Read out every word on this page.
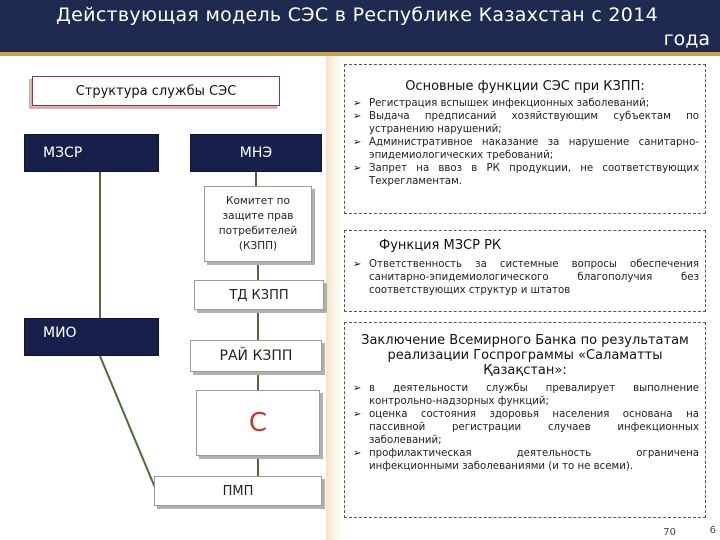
Действующая модель СЭС в Республике Казахстан с 2014
года
Структура службы СЭС
МЗСР	МНЭ
Комитет по защите прав потребителей (КЗПП)
ТД КЗПП
МИО
РАЙ КЗПП
С
ПМП
Основные функции СЭС при КЗПП:
➢ Регистрация вспышек инфекционных заболеваний;
➢ Выдача предписаний хозяйствующим субъектам по устранению нарушений;
➢ Административное наказание за нарушение санитарно-эпидемиологических требований;
➢ Запрет на ввоз в РК продукции, не соответствующих Техрегламентам.
Функция МЗСР РК
➢ Ответственность за системные вопросы обеспечения санитарно-эпидемиологического благополучия без соответствующих структур и штатов
Заключение Всемирного Банка по результатам реализации Госпрограммы «Саламатты Қазақстан»:
➢ в деятельности службы превалирует выполнение контрольно-надзорных функций;
➢ оценка состояния здоровья населения основана на пассивной регистрации случаев инфекционных заболеваний;
➢ профилактическая деятельность ограничена инфекционными заболеваниями (и то не всеми).
70	6
